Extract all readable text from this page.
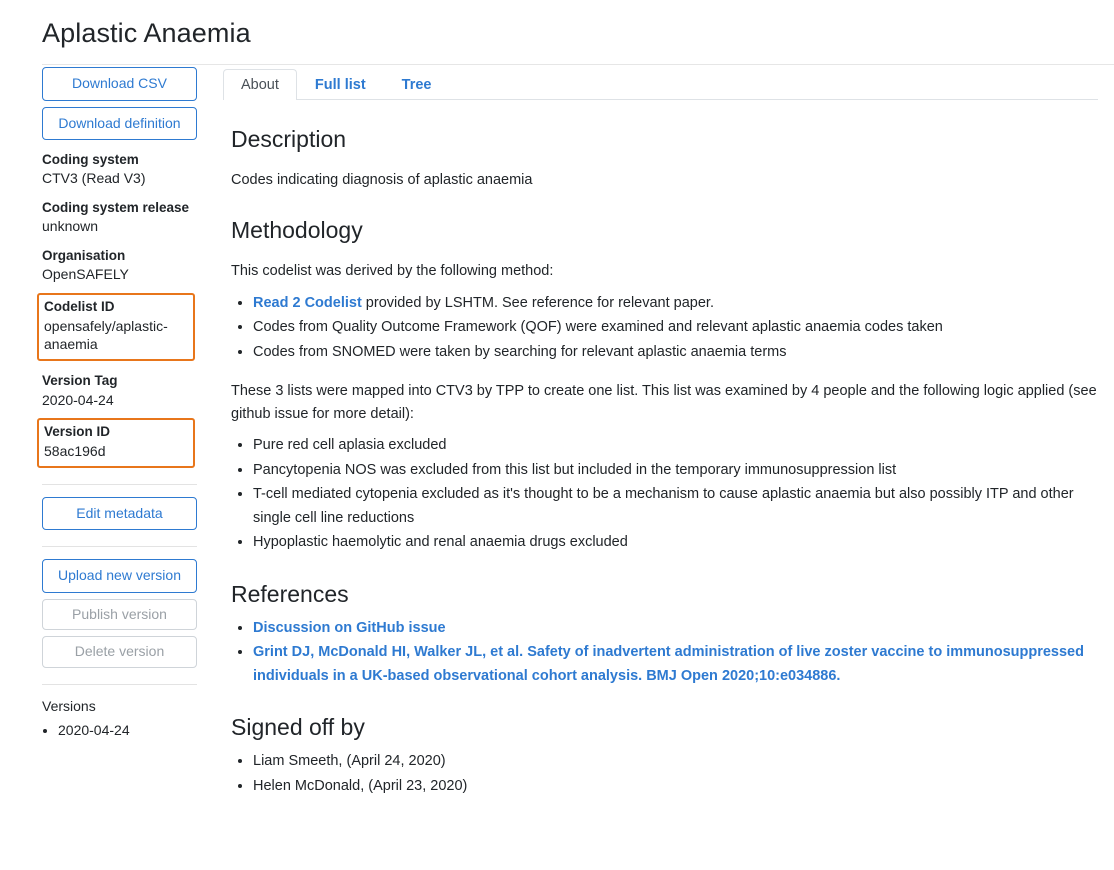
Aplastic Anaemia
Download CSV
Download definition
Coding system
CTV3 (Read V3)
Coding system release
unknown
Organisation
OpenSAFELY
Codelist ID
opensafely/aplastic-anaemia
Version Tag
2020-04-24
Version ID
58ac196d
Edit metadata
Upload new version
Publish version
Delete version
Versions
• 2020-04-24
About	Full list	Tree
Description

Codes indicating diagnosis of aplastic anaemia

Methodology

This codelist was derived by the following method:

• Read 2 Codelist provided by LSHTM. See reference for relevant paper.
• Codes from Quality Outcome Framework (QOF) were examined and relevant aplastic anaemia codes taken
• Codes from SNOMED were taken by searching for relevant aplastic anaemia terms

These 3 lists were mapped into CTV3 by TPP to create one list. This list was examined by 4 people and the following logic applied (see github issue for more detail):

• Pure red cell aplasia excluded
• Pancytopenia NOS was excluded from this list but included in the temporary immunosuppression list
• T-cell mediated cytopenia excluded as it's thought to be a mechanism to cause aplastic anaemia but also possibly ITP and other single cell line reductions
• Hypoplastic haemolytic and renal anaemia drugs excluded
References
• Discussion on GitHub issue
• Grint DJ, McDonald HI, Walker JL, et al. Safety of inadvertent administration of live zoster vaccine to immunosuppressed individuals in a UK-based observational cohort analysis. BMJ Open 2020;10:e034886.
Signed off by
• Liam Smeeth, (April 24, 2020)
• Helen McDonald, (April 23, 2020)
